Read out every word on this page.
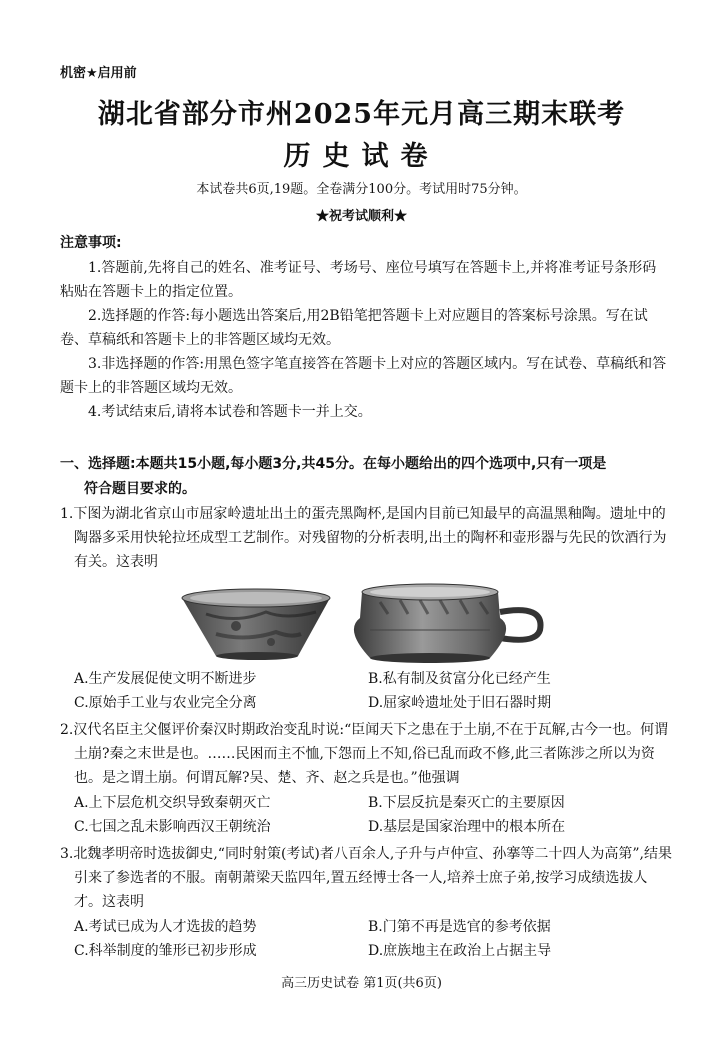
机密★启用前
湖北省部分市州2025年元月高三期末联考
历史试卷
本试卷共6页,19题。全卷满分100分。考试用时75分钟。
★祝考试顺利★
注意事项:
1.答题前,先将自己的姓名、准考证号、考场号、座位号填写在答题卡上,并将准考证号条形码粘贴在答题卡上的指定位置。
2.选择题的作答:每小题选出答案后,用2B铅笔把答题卡上对应题目的答案标号涂黑。写在试卷、草稿纸和答题卡上的非答题区域均无效。
3.非选择题的作答:用黑色签字笔直接答在答题卡上对应的答题区域内。写在试卷、草稿纸和答题卡上的非答题区域均无效。
4.考试结束后,请将本试卷和答题卡一并上交。
一、选择题:本题共15小题,每小题3分,共45分。在每小题给出的四个选项中,只有一项是
符合题目要求的。
1.下图为湖北省京山市屈家岭遗址出土的蛋壳黑陶杯,是国内目前已知最早的高温黑釉陶。遗址中的陶器多采用快轮拉坯成型工艺制作。对残留物的分析表明,出土的陶杯和壶形器与先民的饮酒行为有关。这表明
A.生产发展促使文明不断进步	B.私有制及贫富分化已经产生
C.原始手工业与农业完全分离	D.屈家岭遗址处于旧石器时期
2.汉代名臣主父偃评价秦汉时期政治变乱时说:“臣闻天下之患在于土崩,不在于瓦解,古今一也。何谓土崩?秦之末世是也。……民困而主不恤,下怨而上不知,俗已乱而政不修,此三者陈涉之所以为资也。是之谓土崩。何谓瓦解?吴、楚、齐、赵之兵是也。”他强调
A.上下层危机交织导致秦朝灭亡	B.下层反抗是秦灭亡的主要原因
C.七国之乱未影响西汉王朝统治	D.基层是国家治理中的根本所在
3.北魏孝明帝时选拔御史,“同时射策(考试)者八百余人,子升与卢仲宣、孙搴等二十四人为高第”,结果引来了参选者的不服。南朝萧梁天监四年,置五经博士各一人,培养士庶子弟,按学习成绩选拔人才。这表明
A.考试已成为人才选拔的趋势	B.门第不再是选官的参考依据
C.科举制度的雏形已初步形成	D.庶族地主在政治上占据主导
高三历史试卷 第1页(共6页)
